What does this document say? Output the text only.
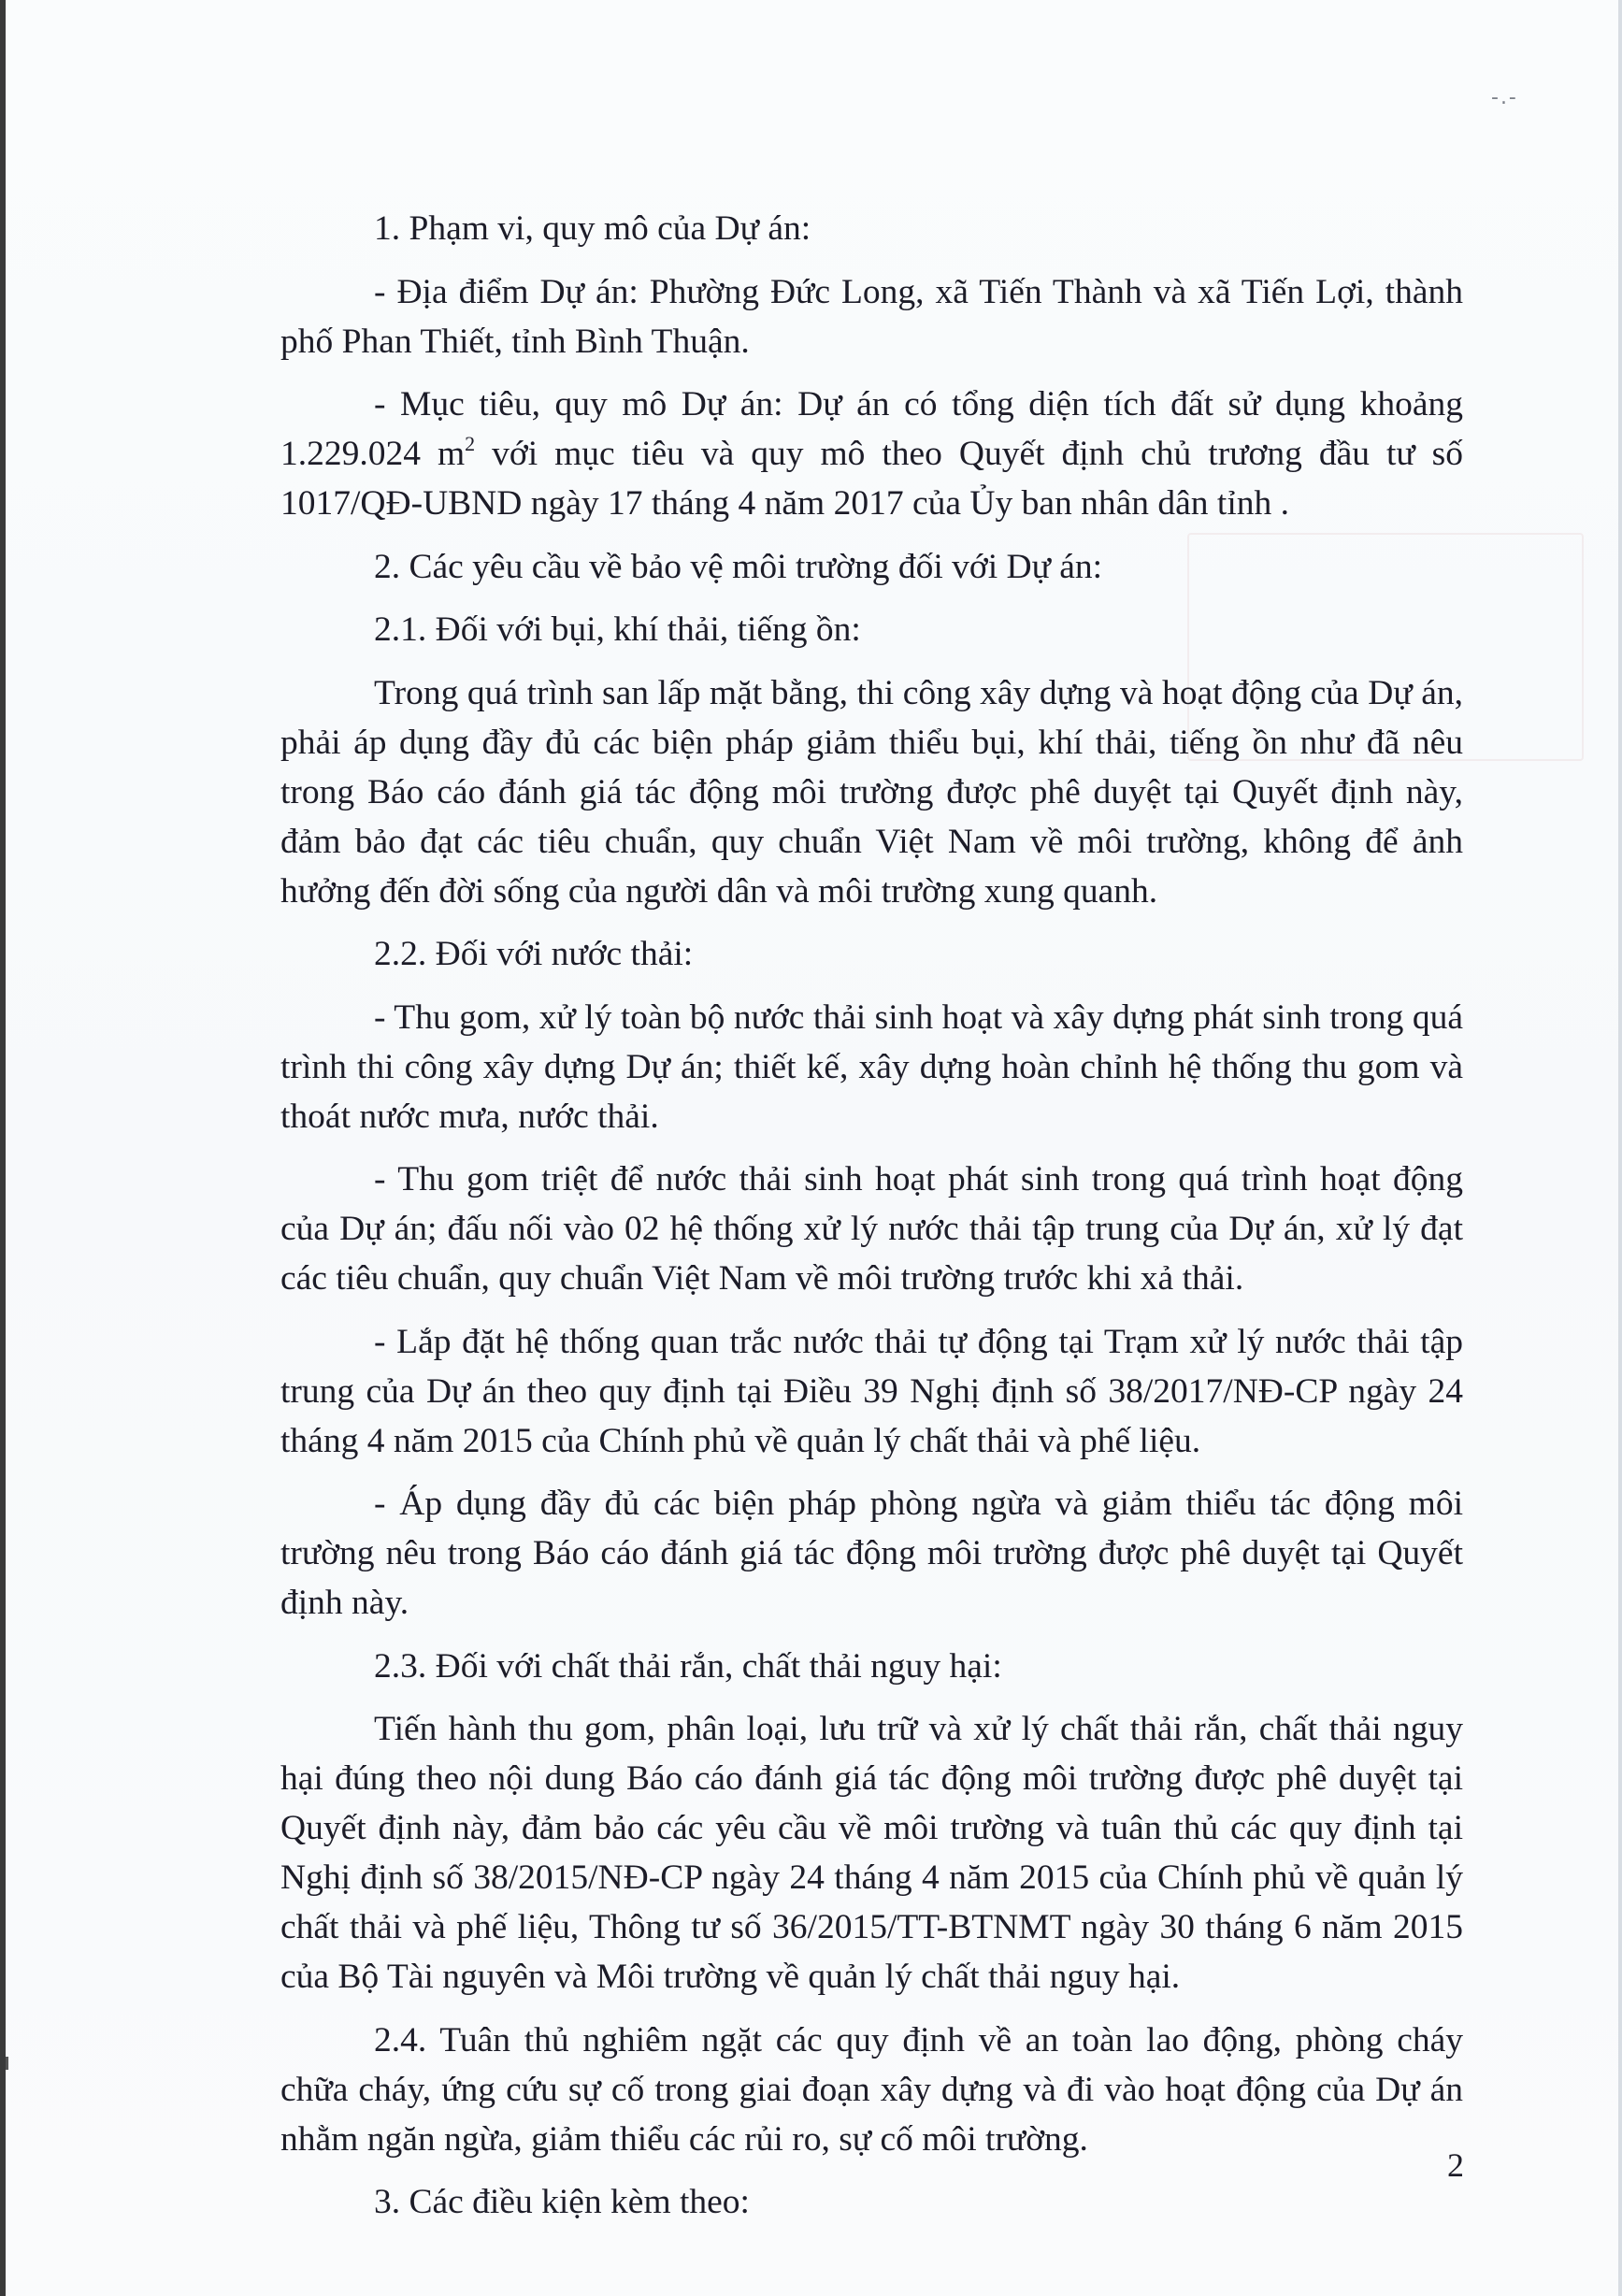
-.-

1. Phạm vi, quy mô của Dự án:

- Địa điểm Dự án: Phường Đức Long, xã Tiến Thành và xã Tiến Lợi, thành phố Phan Thiết, tỉnh Bình Thuận.

- Mục tiêu, quy mô Dự án: Dự án có tổng diện tích đất sử dụng khoảng 1.229.024 $m^2$ với mục tiêu và quy mô theo Quyết định chủ trương đầu tư số 1017/QĐ-UBND ngày 17 tháng 4 năm 2017 của Ủy ban nhân dân tỉnh .

2. Các yêu cầu về bảo vệ môi trường đối với Dự án:

2.1. Đối với bụi, khí thải, tiếng ồn:

Trong quá trình san lấp mặt bằng, thi công xây dựng và hoạt động của Dự án, phải áp dụng đầy đủ các biện pháp giảm thiểu bụi, khí thải, tiếng ồn như đã nêu trong Báo cáo đánh giá tác động môi trường được phê duyệt tại Quyết định này, đảm bảo đạt các tiêu chuẩn, quy chuẩn Việt Nam về môi trường, không để ảnh hưởng đến đời sống của người dân và môi trường xung quanh.

2.2. Đối với nước thải:

- Thu gom, xử lý toàn bộ nước thải sinh hoạt và xây dựng phát sinh trong quá trình thi công xây dựng Dự án; thiết kế, xây dựng hoàn chỉnh hệ thống thu gom và thoát nước mưa, nước thải.

- Thu gom triệt để nước thải sinh hoạt phát sinh trong quá trình hoạt động của Dự án; đấu nối vào 02 hệ thống xử lý nước thải tập trung của Dự án, xử lý đạt các tiêu chuẩn, quy chuẩn Việt Nam về môi trường trước khi xả thải.

- Lắp đặt hệ thống quan trắc nước thải tự động tại Trạm xử lý nước thải tập trung của Dự án theo quy định tại Điều 39 Nghị định số 38/2017/NĐ-CP ngày 24 tháng 4 năm 2015 của Chính phủ về quản lý chất thải và phế liệu.

- Áp dụng đầy đủ các biện pháp phòng ngừa và giảm thiểu tác động môi trường nêu trong Báo cáo đánh giá tác động môi trường được phê duyệt tại Quyết định này.

2.3. Đối với chất thải rắn, chất thải nguy hại:

Tiến hành thu gom, phân loại, lưu trữ và xử lý chất thải rắn, chất thải nguy hại đúng theo nội dung Báo cáo đánh giá tác động môi trường được phê duyệt tại Quyết định này, đảm bảo các yêu cầu về môi trường và tuân thủ các quy định tại Nghị định số 38/2015/NĐ-CP ngày 24 tháng 4 năm 2015 của Chính phủ về quản lý chất thải và phế liệu, Thông tư số 36/2015/TT-BTNMT ngày 30 tháng 6 năm 2015 của Bộ Tài nguyên và Môi trường về quản lý chất thải nguy hại.

2.4. Tuân thủ nghiêm ngặt các quy định về an toàn lao động, phòng cháy chữa cháy, ứng cứu sự cố trong giai đoạn xây dựng và đi vào hoạt động của Dự án nhằm ngăn ngừa, giảm thiểu các rủi ro, sự cố môi trường.

3. Các điều kiện kèm theo:

2
